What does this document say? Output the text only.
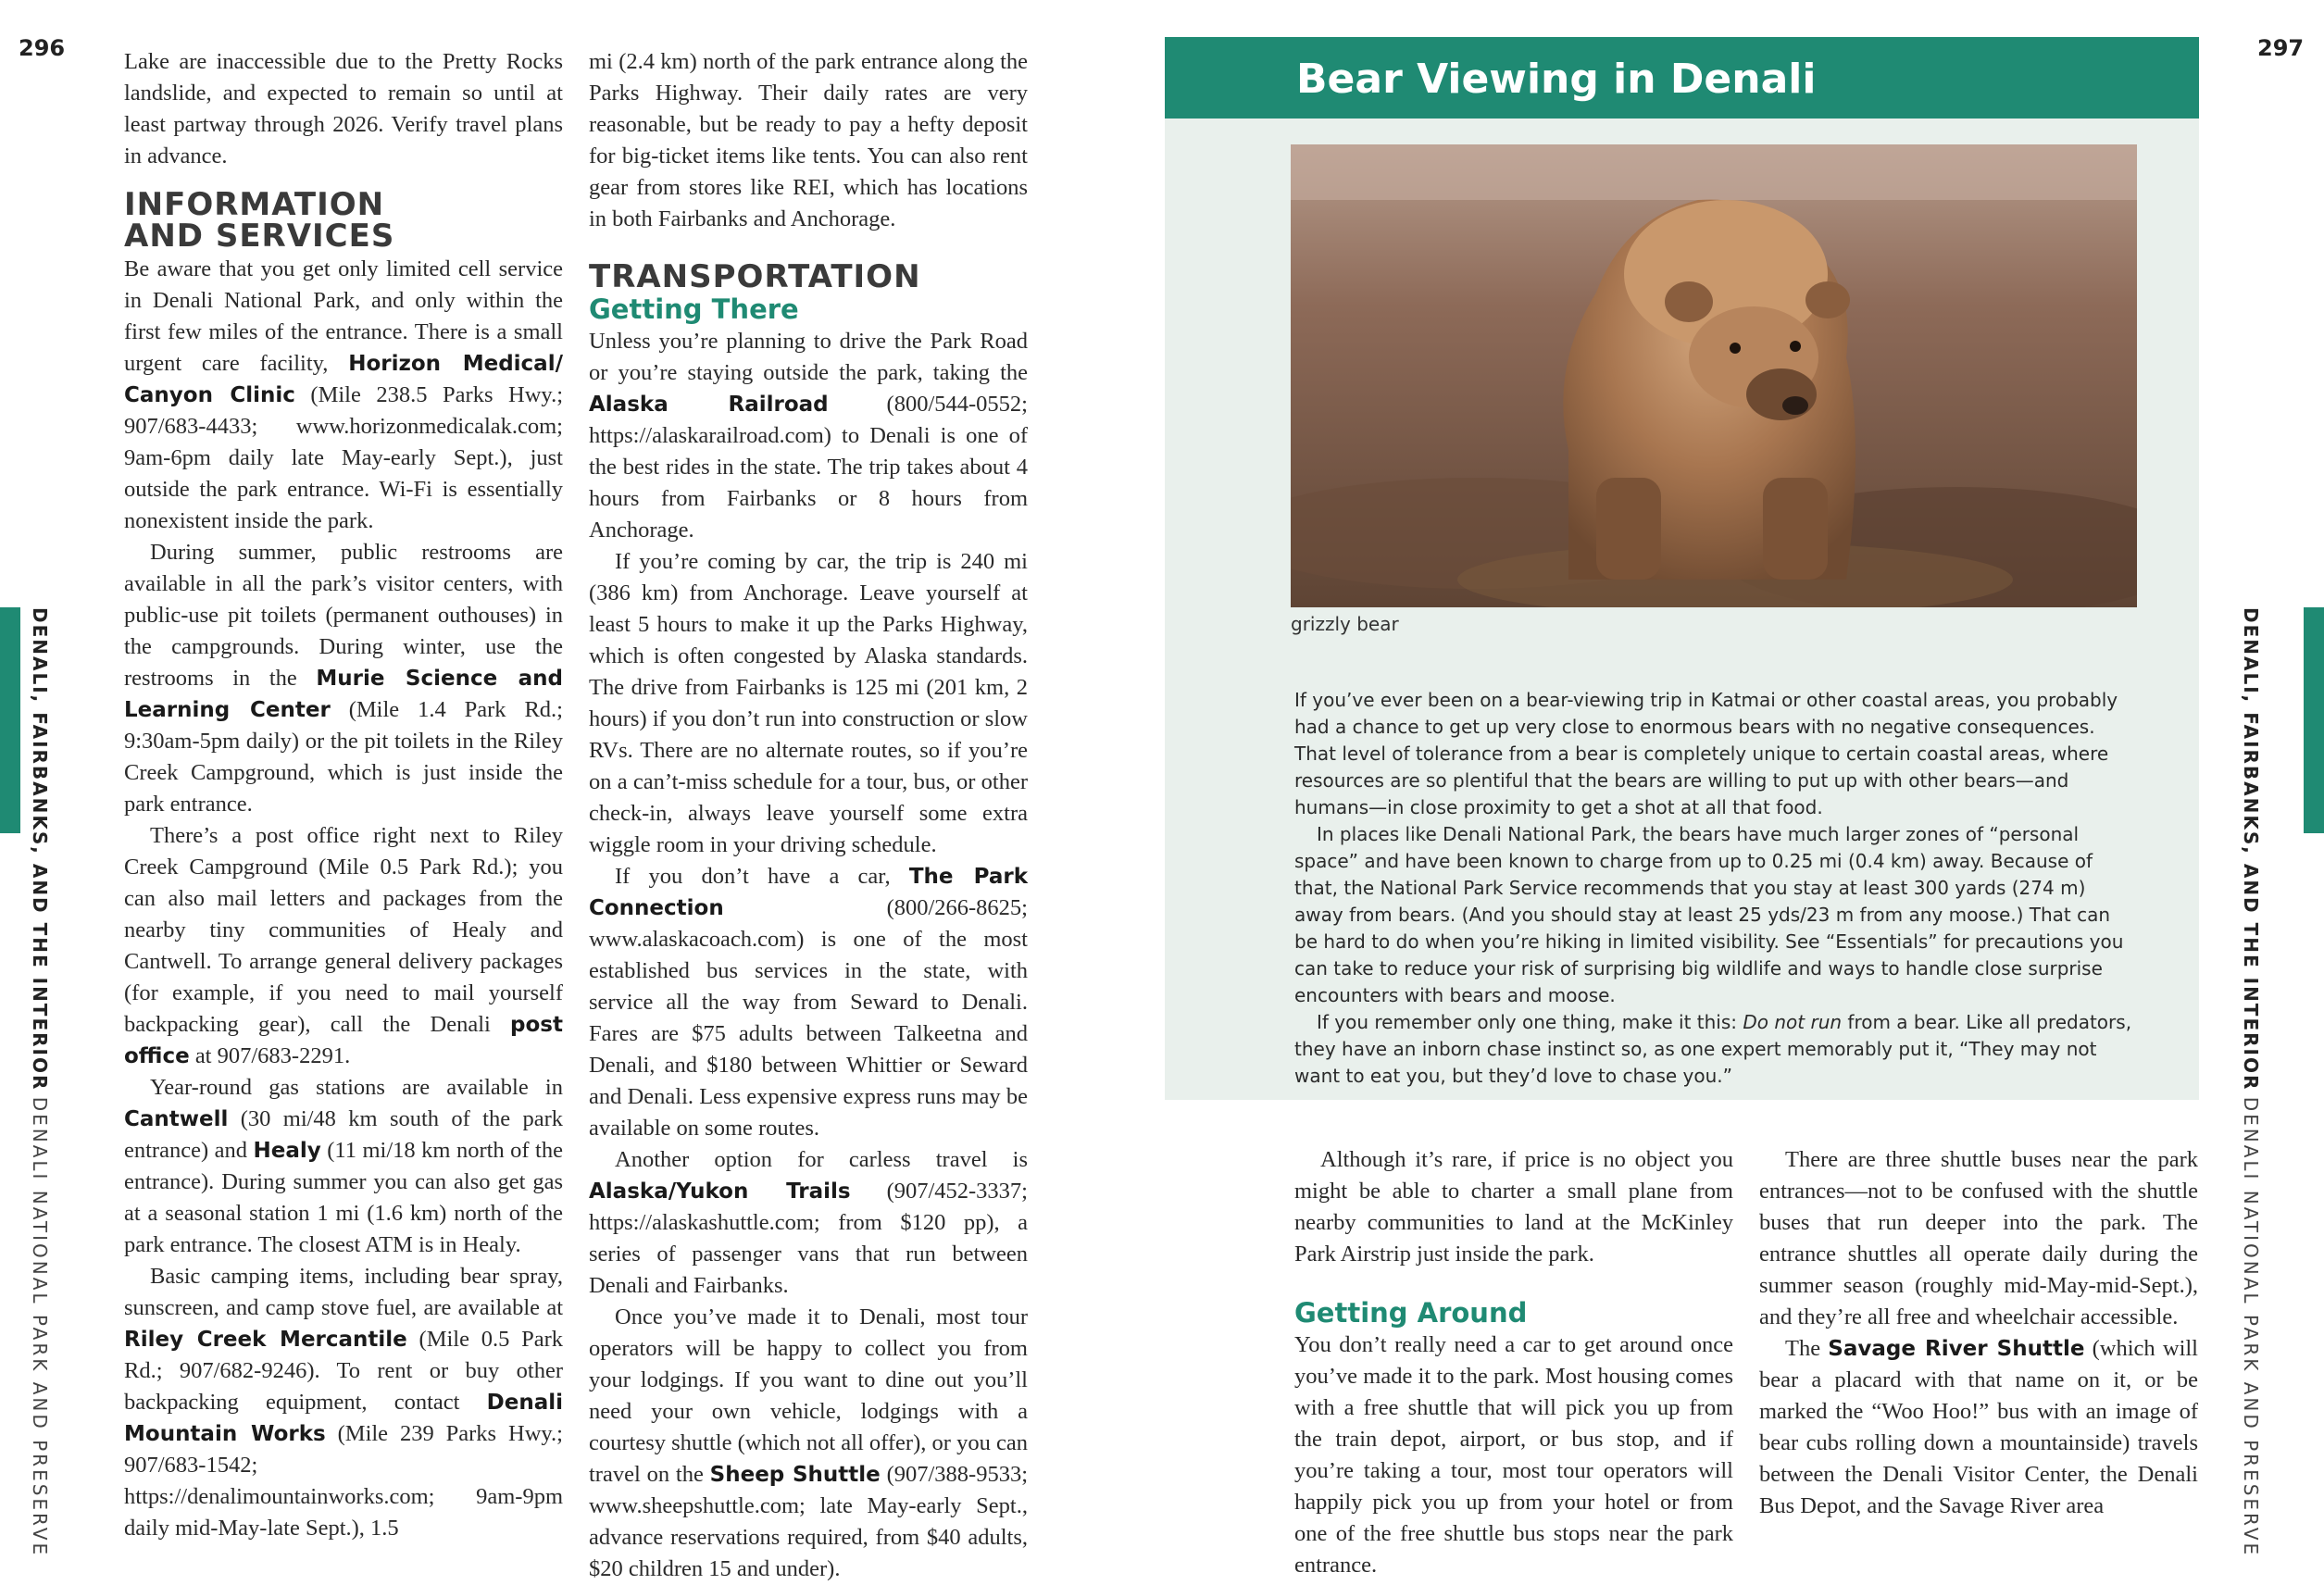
296	297
DENALI, FAIRBANKS, AND THE INTERIOR DENALI NATIONAL PARK AND PRESERVE
DENALI, FAIRBANKS, AND THE INTERIOR DENALI NATIONAL PARK AND PRESERVE

Lake are inaccessible due to the Pretty Rocks landslide, and expected to remain so until at least partway through 2026. Verify travel plans in advance.

INFORMATION AND SERVICES

Be aware that you get only limited cell service in Denali National Park, and only within the first few miles of the entrance. There is a small urgent care facility, Horizon Medical/ Canyon Clinic (Mile 238.5 Parks Hwy.; 907/683-4433; www.horizonmedicalak.com; 9am-6pm daily late May-early Sept.), just outside the park entrance. Wi-Fi is essentially nonexistent inside the park.

During summer, public restrooms are available in all the park’s visitor centers, with public-use pit toilets (permanent outhouses) in the campgrounds. During winter, use the restrooms in the Murie Science and Learning Center (Mile 1.4 Park Rd.; 9:30am-5pm daily) or the pit toilets in the Riley Creek Campground, which is just inside the park entrance.

There’s a post office right next to Riley Creek Campground (Mile 0.5 Park Rd.); you can also mail letters and packages from the nearby tiny communities of Healy and Cantwell. To arrange general delivery packages (for example, if you need to mail yourself backpacking gear), call the Denali post office at 907/683-2291.

Year-round gas stations are available in Cantwell (30 mi/48 km south of the park entrance) and Healy (11 mi/18 km north of the entrance). During summer you can also get gas at a seasonal station 1 mi (1.6 km) north of the park entrance. The closest ATM is in Healy.

Basic camping items, including bear spray, sunscreen, and camp stove fuel, are available at Riley Creek Mercantile (Mile 0.5 Park Rd.; 907/682-9246). To rent or buy other backpacking equipment, contact Denali Mountain Works (Mile 239 Parks Hwy.; 907/683-1542; https://denalimountainworks.com; 9am-9pm daily mid-May-late Sept.), 1.5

mi (2.4 km) north of the park entrance along the Parks Highway. Their daily rates are very reasonable, but be ready to pay a hefty deposit for big-ticket items like tents. You can also rent gear from stores like REI, which has locations in both Fairbanks and Anchorage.

TRANSPORTATION
Getting There

Unless you’re planning to drive the Park Road or you’re staying outside the park, taking the Alaska Railroad (800/544-0552; https://alaskarailroad.com) to Denali is one of the best rides in the state. The trip takes about 4 hours from Fairbanks or 8 hours from Anchorage.

If you’re coming by car, the trip is 240 mi (386 km) from Anchorage. Leave yourself at least 5 hours to make it up the Parks Highway, which is often congested by Alaska standards. The drive from Fairbanks is 125 mi (201 km, 2 hours) if you don’t run into construction or slow RVs. There are no alternate routes, so if you’re on a can’t-miss schedule for a tour, bus, or other check-in, always leave yourself some extra wiggle room in your driving schedule.

If you don’t have a car, The Park Connection (800/266-8625; www.alaskacoach.com) is one of the most established bus services in the state, with service all the way from Seward to Denali. Fares are $75 adults between Talkeetna and Denali, and $180 between Whittier or Seward and Denali. Less expensive express runs may be available on some routes.

Another option for carless travel is Alaska/Yukon Trails (907/452-3337; https://alaskashuttle.com; from $120 pp), a series of passenger vans that run between Denali and Fairbanks.

Once you’ve made it to Denali, most tour operators will be happy to collect you from your lodgings. If you want to dine out you’ll need your own vehicle, lodgings with a courtesy shuttle (which not all offer), or you can travel on the Sheep Shuttle (907/388-9533; www.sheepshuttle.com; late May-early Sept., advance reservations required, from $40 adults, $20 children 15 and under).

Bear Viewing in Denali
grizzly bear

If you’ve ever been on a bear-viewing trip in Katmai or other coastal areas, you probably had a chance to get up very close to enormous bears with no negative consequences. That level of tolerance from a bear is completely unique to certain coastal areas, where resources are so plentiful that the bears are willing to put up with other bears—and humans—in close proximity to get a shot at all that food.

In places like Denali National Park, the bears have much larger zones of “personal space” and have been known to charge from up to 0.25 mi (0.4 km) away. Because of that, the National Park Service recommends that you stay at least 300 yards (274 m) away from bears. (And you should stay at least 25 yds/23 m from any moose.) That can be hard to do when you’re hiking in limited visibility. See “Essentials” for precautions you can take to reduce your risk of surprising big wildlife and ways to handle close surprise encounters with bears and moose.

If you remember only one thing, make it this: Do not run from a bear. Like all predators, they have an inborn chase instinct so, as one expert memorably put it, “They may not want to eat you, but they’d love to chase you.”

Although it’s rare, if price is no object you might be able to charter a small plane from nearby communities to land at the McKinley Park Airstrip just inside the park.

Getting Around

You don’t really need a car to get around once you’ve made it to the park. Most housing comes with a free shuttle that will pick you up from the train depot, airport, or bus stop, and if you’re taking a tour, most tour operators will happily pick you up from your hotel or from one of the free shuttle bus stops near the park entrance.

There are three shuttle buses near the park entrances—not to be confused with the shuttle buses that run deeper into the park. The entrance shuttles all operate daily during the summer season (roughly mid-May-mid-Sept.), and they’re all free and wheelchair accessible.

The Savage River Shuttle (which will bear a placard with that name on it, or be marked the “Woo Hoo!” bus with an image of bear cubs rolling down a mountainside) travels between the Denali Visitor Center, the Denali Bus Depot, and the Savage River area
